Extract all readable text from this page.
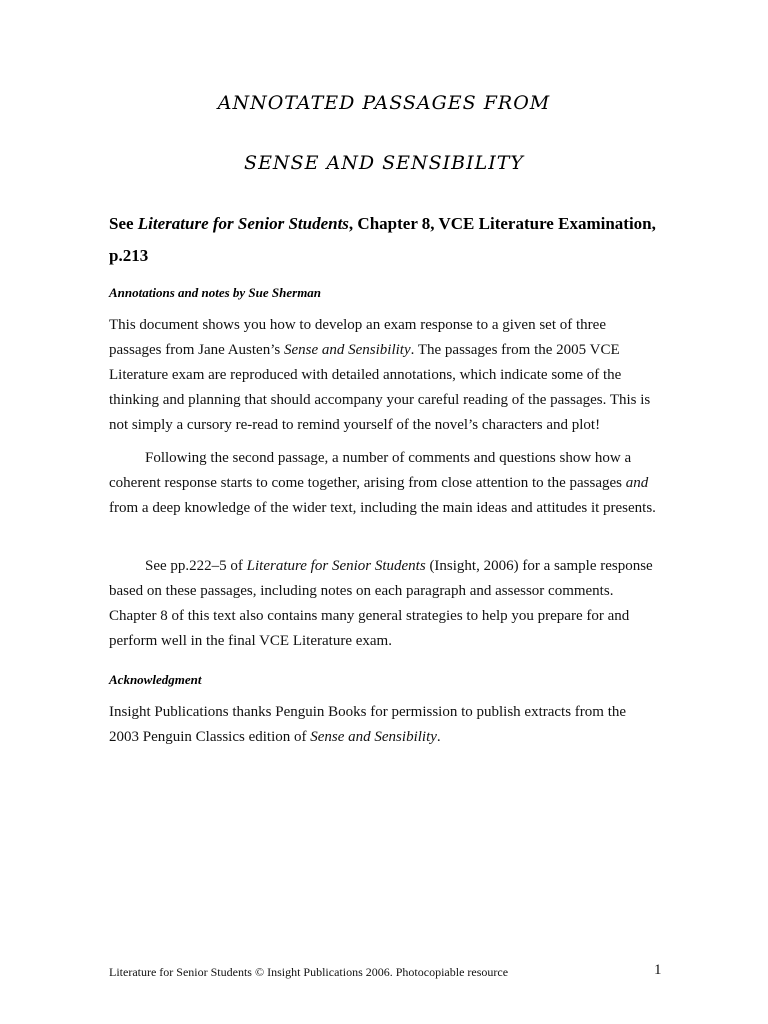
ANNOTATED PASSAGES FROM
SENSE AND SENSIBILITY

See Literature for Senior Students, Chapter 8, VCE Literature Examination, p.213

Annotations and notes by Sue Sherman

This document shows you how to develop an exam response to a given set of three passages from Jane Austen’s Sense and Sensibility. The passages from the 2005 VCE Literature exam are reproduced with detailed annotations, which indicate some of the thinking and planning that should accompany your careful reading of the passages. This is not simply a cursory re-read to remind yourself of the novel’s characters and plot!

Following the second passage, a number of comments and questions show how a coherent response starts to come together, arising from close attention to the passages and from a deep knowledge of the wider text, including the main ideas and attitudes it presents.

See pp.222–5 of Literature for Senior Students (Insight, 2006) for a sample response based on these passages, including notes on each paragraph and assessor comments. Chapter 8 of this text also contains many general strategies to help you prepare for and perform well in the final VCE Literature exam.

Acknowledgment

Insight Publications thanks Penguin Books for permission to publish extracts from the 2003 Penguin Classics edition of Sense and Sensibility.

Literature for Senior Students © Insight Publications 2006. Photocopiable resource	1
